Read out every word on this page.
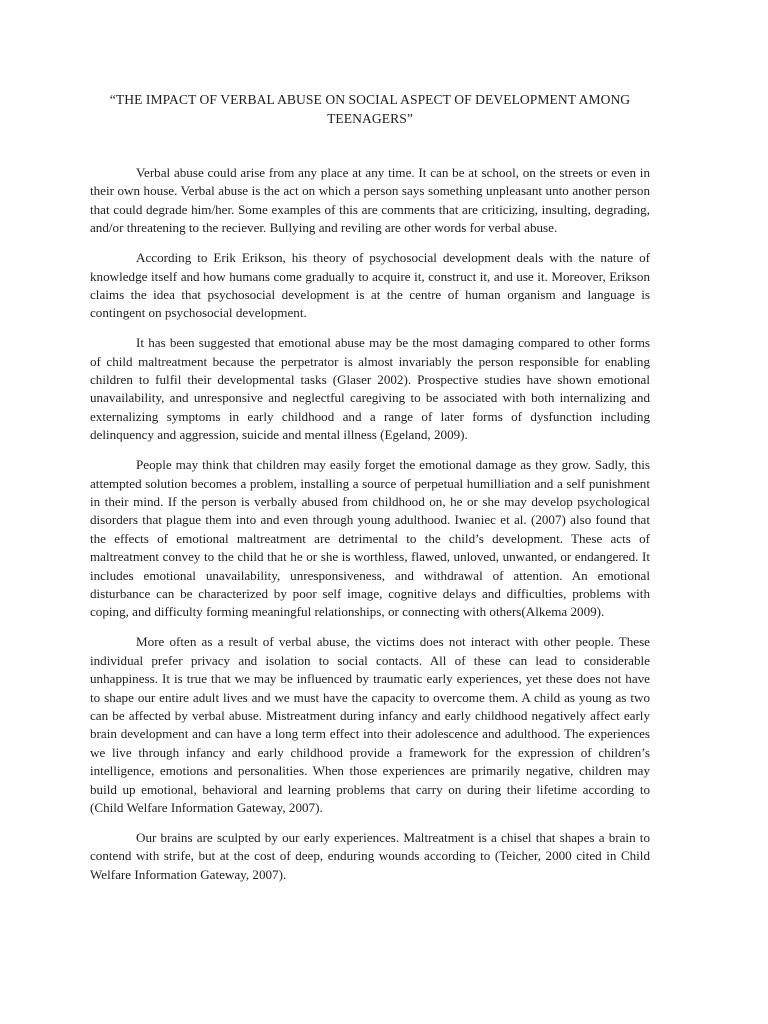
“THE IMPACT OF VERBAL ABUSE ON SOCIAL ASPECT OF DEVELOPMENT AMONG TEENAGERS”

Verbal abuse could arise from any place at any time. It can be at school, on the streets or even in their own house. Verbal abuse is the act on which a person says something unpleasant unto another person that could degrade him/her. Some examples of this are comments that are criticizing, insulting, degrading, and/or threatening to the reciever. Bullying and reviling are other words for verbal abuse.

According to Erik Erikson, his theory of psychosocial development deals with the nature of knowledge itself and how humans come gradually to acquire it, construct it, and use it. Moreover, Erikson claims the idea that psychosocial development is at the centre of human organism and language is contingent on psychosocial development.

It has been suggested that emotional abuse may be the most damaging compared to other forms of child maltreatment because the perpetrator is almost invariably the person responsible for enabling children to fulfil their developmental tasks (Glaser 2002). Prospective studies have shown emotional unavailability, and unresponsive and neglectful caregiving to be associated with both internalizing and externalizing symptoms in early childhood and a range of later forms of dysfunction including delinquency and aggression, suicide and mental illness (Egeland, 2009).

People may think that children may easily forget the emotional damage as they grow. Sadly, this attempted solution becomes a problem, installing a source of perpetual humilliation and a self punishment in their mind. If the person is verbally abused from childhood on, he or she may develop psychological disorders that plague them into and even through young adulthood. Iwaniec et al. (2007) also found that the effects of emotional maltreatment are detrimental to the child’s development. These acts of maltreatment convey to the child that he or she is worthless, flawed, unloved, unwanted, or endangered. It includes emotional unavailability, unresponsiveness, and withdrawal of attention. An emotional disturbance can be characterized by poor self image, cognitive delays and difficulties, problems with coping, and difficulty forming meaningful relationships, or connecting with others(Alkema 2009).

More often as a result of verbal abuse, the victims does not interact with other people. These individual prefer privacy and isolation to social contacts. All of these can lead to considerable unhappiness. It is true that we may be influenced by traumatic early experiences, yet these does not have to shape our entire adult lives and we must have the capacity to overcome them. A child as young as two can be affected by verbal abuse. Mistreatment during infancy and early childhood negatively affect early brain development and can have a long term effect into their adolescence and adulthood. The experiences we live through infancy and early childhood provide a framework for the expression of children’s intelligence, emotions and personalities. When those experiences are primarily negative, children may build up emotional, behavioral and learning problems that carry on during their lifetime according to (Child Welfare Information Gateway, 2007).

Our brains are sculpted by our early experiences. Maltreatment is a chisel that shapes a brain to contend with strife, but at the cost of deep, enduring wounds according to (Teicher, 2000 cited in Child Welfare Information Gateway, 2007).
